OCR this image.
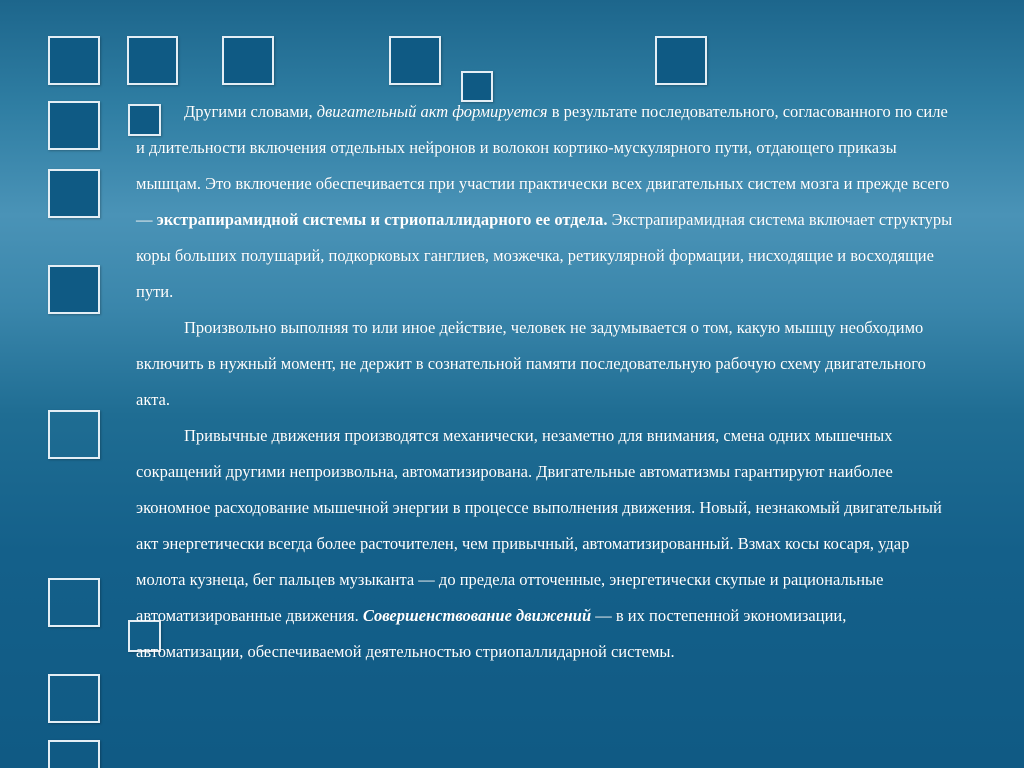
Другими словами, двигательный акт формируется в результате последовательного, согласованного по силе и длительности включения отдельных нейронов и волокон кортико-мускулярного пути, отдающего приказы мышцам. Это включение обеспечивается при участии практически всех двигательных систем мозга и прежде всего — экстрапирамидной системы и стриопаллидарного ее отдела. Экстрапирамидная система включает структуры коры больших полушарий, подкорковых ганглиев, мозжечка, ретикулярной формации, нисходящие и восходящие пути.

Произвольно выполняя то или иное действие, человек не задумывается о том, какую мышцу необходимо включить в нужный момент, не держит в сознательной памяти последовательную рабочую схему двигательного акта.

Привычные движения производятся механически, незаметно для внимания, смена одних мышечных сокращений другими непроизвольна, автоматизирована. Двигательные автоматизмы гарантируют наиболее экономное расходование мышечной энергии в процессе выполнения движения. Новый, незнакомый двигательный акт энергетически всегда более расточителен, чем привычный, автоматизированный. Взмах косы косаря, удар молота кузнеца, бег пальцев музыканта — до предела отточенные, энергетически скупые и рациональные автоматизированные движения. Совершенствование движений — в их постепенной экономизации, автоматизации, обеспечиваемой деятельностью стриопаллидарной системы.
